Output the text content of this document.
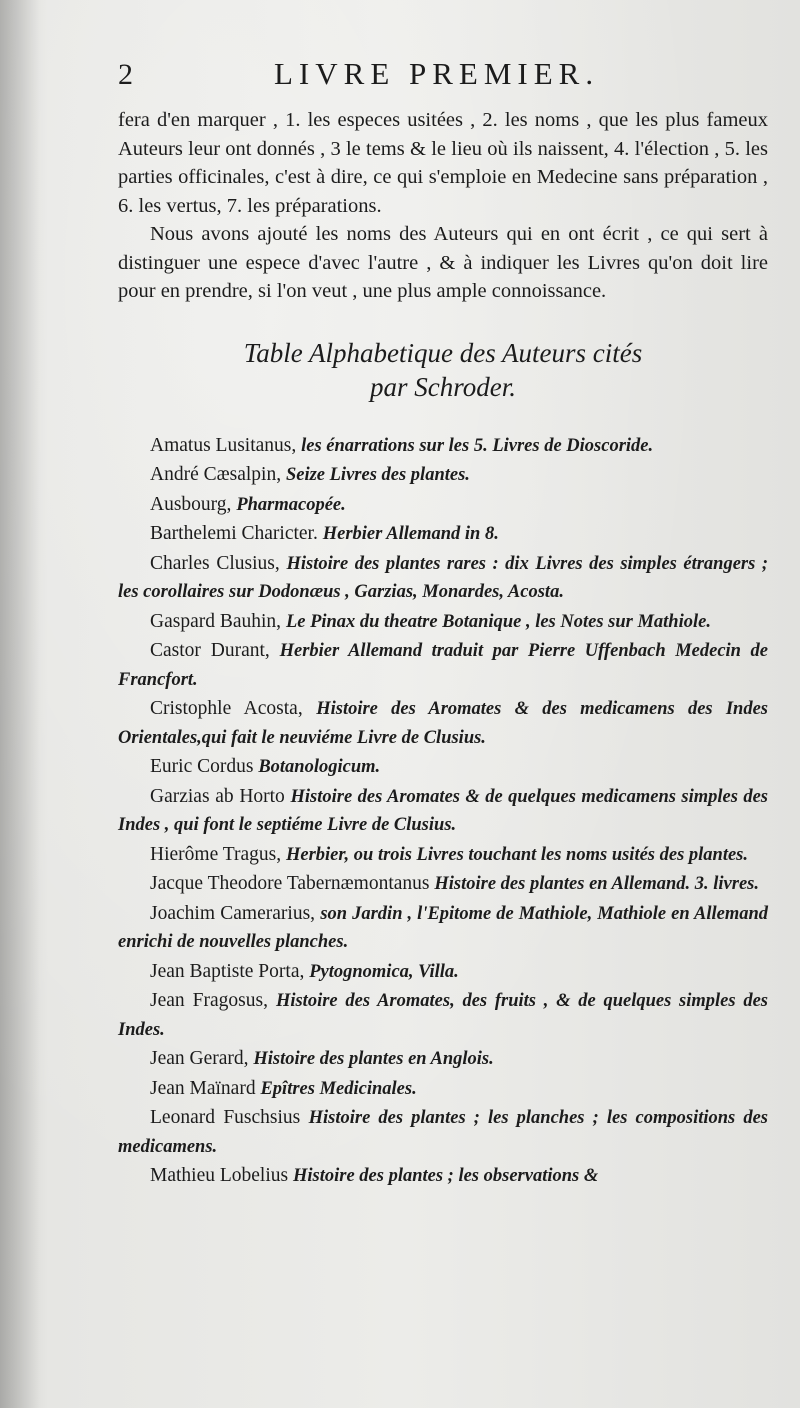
2	LIVRE PREMIER.

fera d'en marquer , 1. les especes usitées , 2. les noms , que les plus fameux Auteurs leur ont donnés , 3 le tems & le lieu où ils naissent, 4. l'élection , 5. les parties officinales, c'est à dire, ce qui s'emploie en Medecine sans préparation , 6. les vertus, 7. les préparations.

Nous avons ajouté les noms des Auteurs qui en ont écrit , ce qui sert à distinguer une espece d'avec l'autre , & à indiquer les Livres qu'on doit lire pour en prendre, si l'on veut , une plus ample connoissance.

Table Alphabetique des Auteurs cités
par Schroder.

Amatus Lusitanus, les énarrations sur les 5. Livres de Dioscoride.

André Cæsalpin, Seize Livres des plantes.

Ausbourg, Pharmacopée.

Barthelemi Charicter. Herbier Allemand in 8.

Charles Clusius, Histoire des plantes rares : dix Livres des simples étrangers ; les corollaires sur Dodonæus , Garzias, Monardes, Acosta.

Gaspard Bauhin, Le Pinax du theatre Botanique , les Notes sur Mathiole.

Castor Durant, Herbier Allemand traduit par Pierre Uffenbach Medecin de Francfort.

Cristophle Acosta, Histoire des Aromates & des medicamens des Indes Orientales,qui fait le neuviéme Livre de Clusius.

Euric Cordus Botanologicum.

Garzias ab Horto Histoire des Aromates & de quelques medicamens simples des Indes , qui font le septiéme Livre de Clusius.

Hierôme Tragus, Herbier, ou trois Livres touchant les noms usités des plantes.

Jacque Theodore Tabernæmontanus Histoire des plantes en Allemand. 3. livres.

Joachim Camerarius, son Jardin , l'Epitome de Mathiole, Mathiole en Allemand enrichi de nouvelles planches.

Jean Baptiste Porta, Pytognomica, Villa.

Jean Fragosus, Histoire des Aromates, des fruits , & de quelques simples des Indes.

Jean Gerard, Histoire des plantes en Anglois.

Jean Maïnard Epîtres Medicinales.

Leonard Fuschsius Histoire des plantes ; les planches ; les compositions des medicamens.

Mathieu Lobelius Histoire des plantes ; les observations &
